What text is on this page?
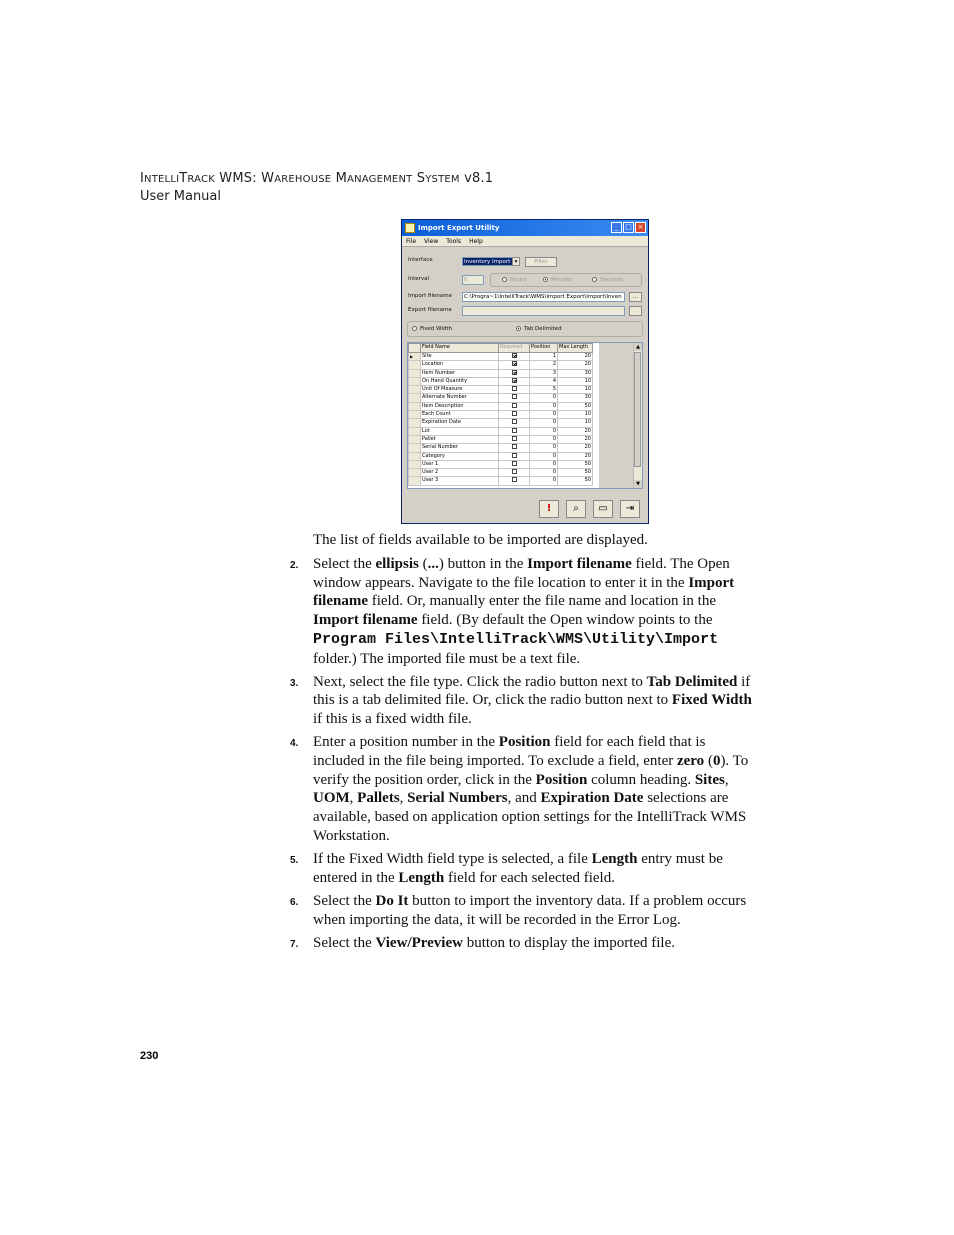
INTELLITRACK WMS: WAREHOUSE MANAGEMENT SYSTEM v8.1
User Manual
Import Export Utility	_ □ ×
File View Tools Help
Interface	Inventory Import ▾	Filter
Interval	0	Hours	Minutes	Seconds
Import filename	C:\Progra~1\IntelliTrack\WMS\Import Export\Import\Inven	...
Export filename	...
Fixed Width	Tab Delimited
	Field Name	Required	Position	Max Length
▶	Site		1	20
	Location		2	20
	Item Number		3	30
	On Hand Quantity		4	10
	Unit Of Measure		5	10
	Alternate Number		0	30
	Item Description		0	50
	Each Count		0	10
	Expiration Date		0	10
	Lot		0	20
	Pallet		0	20
	Serial Number		0	20
	Category		0	20
	User 1		0	50
	User 2		0	50
	User 3		0	50
▲
▼
!	⌕	▭	⇥
The list of fields available to be imported are displayed.
2. Select the ellipsis (...) button in the Import filename field. The Open window appears. Navigate to the file location to enter it in the Import filename field. Or, manually enter the file name and location in the Import filename field. (By default the Open window points to the Program Files\IntelliTrack\WMS\Utility\Import folder.) The imported file must be a text file.
3. Next, select the file type. Click the radio button next to Tab Delimited if this is a tab delimited file. Or, click the radio button next to Fixed Width if this is a fixed width file.
4. Enter a position number in the Position field for each field that is included in the file being imported. To exclude a field, enter zero (0). To verify the position order, click in the Position column heading. Sites, UOM, Pallets, Serial Numbers, and Expiration Date selections are available, based on application option settings for the IntelliTrack WMS Workstation.
5. If the Fixed Width field type is selected, a file Length entry must be entered in the Length field for each selected field.
6. Select the Do It button to import the inventory data. If a problem occurs when importing the data, it will be recorded in the Error Log.
7. Select the View/Preview button to display the imported file.
230
